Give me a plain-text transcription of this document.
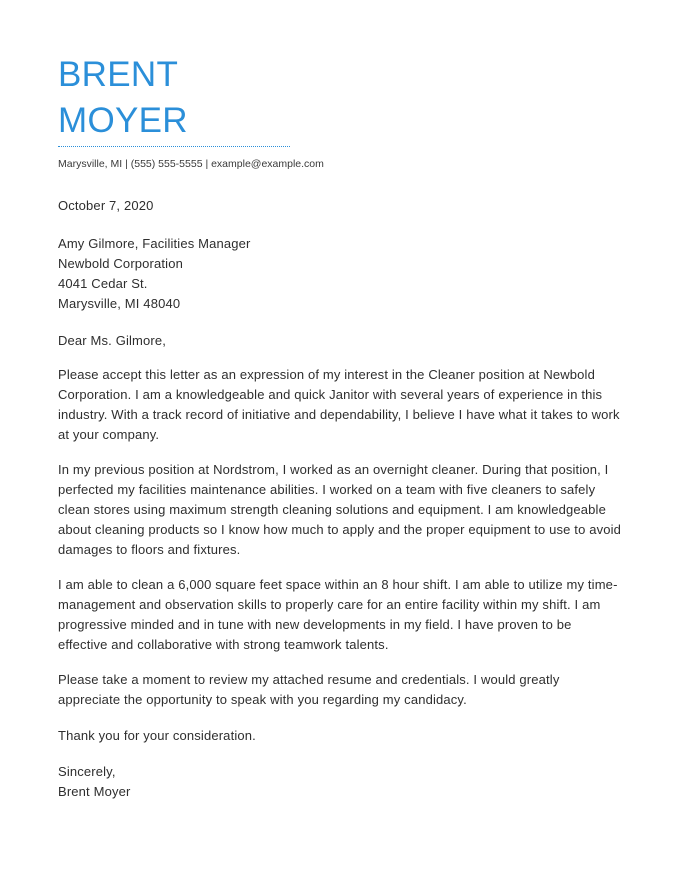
BRENT
MOYER
Marysville, MI | (555) 555-5555 | example@example.com

October 7, 2020

Amy Gilmore, Facilities Manager
Newbold Corporation
4041 Cedar St.
Marysville, MI 48040

Dear Ms. Gilmore,

Please accept this letter as an expression of my interest in the Cleaner position at Newbold Corporation. I am a knowledgeable and quick Janitor with several years of experience in this industry. With a track record of initiative and dependability, I believe I have what it takes to work at your company.

In my previous position at Nordstrom, I worked as an overnight cleaner. During that position, I perfected my facilities maintenance abilities. I worked on a team with five cleaners to safely clean stores using maximum strength cleaning solutions and equipment. I am knowledgeable about cleaning products so I know how much to apply and the proper equipment to use to avoid damages to floors and fixtures.

I am able to clean a 6,000 square feet space within an 8 hour shift. I am able to utilize my time-management and observation skills to properly care for an entire facility within my shift. I am progressive minded and in tune with new developments in my field. I have proven to be effective and collaborative with strong teamwork talents.

Please take a moment to review my attached resume and credentials. I would greatly appreciate the opportunity to speak with you regarding my candidacy.

Thank you for your consideration.

Sincerely,

Brent Moyer
